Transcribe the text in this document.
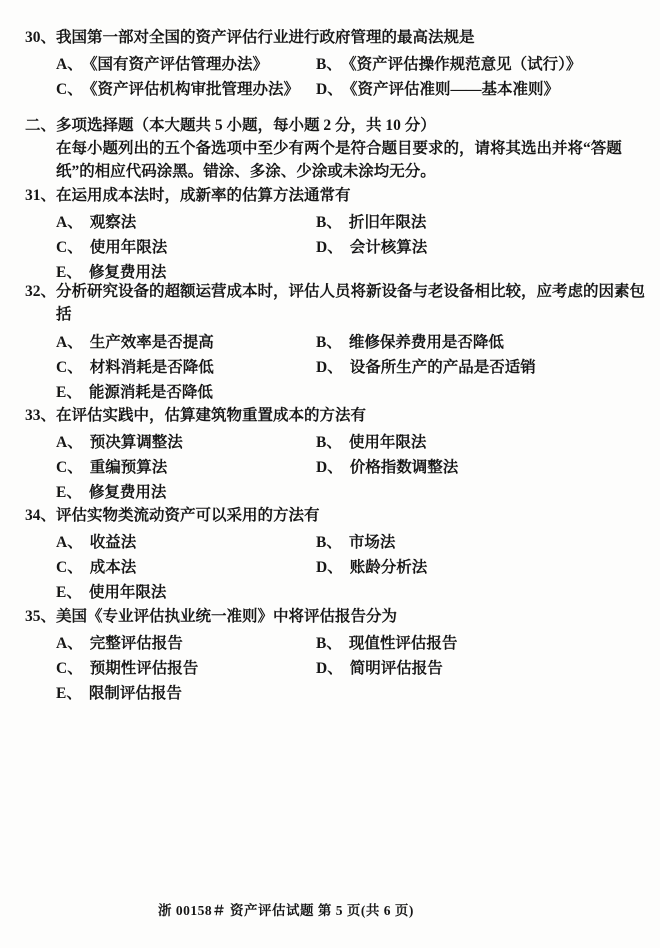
30、 我国第一部对全国的资产评估行业进行政府管理的最高法规是
A、 《国有资产评估管理办法》	B、 《资产评估操作规范意见（试行）》
C、 《资产评估机构审批管理办法》	D、 《资产评估准则——基本准则》
二、 多项选择题（本大题共 5 小题，每小题 2 分，共 10 分）
在每小题列出的五个备选项中至少有两个是符合题目要求的，请将其选出并将“答题
纸”的相应代码涂黑。错涂、多涂、少涂或未涂均无分。
31、 在运用成本法时，成新率的估算方法通常有
A、 观察法	B、 折旧年限法
C、 使用年限法	D、 会计核算法
E、 修复费用法
32、 分析研究设备的超额运营成本时，评估人员将新设备与老设备相比较，应考虑的因素包括
A、 生产效率是否提高	B、 维修保养费用是否降低
C、 材料消耗是否降低	D、 设备所生产的产品是否适销
E、 能源消耗是否降低
33、 在评估实践中，估算建筑物重置成本的方法有
A、 预决算调整法	B、 使用年限法
C、 重编预算法	D、 价格指数调整法
E、 修复费用法
34、 评估实物类流动资产可以采用的方法有
A、 收益法	B、 市场法
C、 成本法	D、 账龄分析法
E、 使用年限法
35、 美国《专业评估执业统一准则》中将评估报告分为
A、 完整评估报告	B、 现值性评估报告
C、 预期性评估报告	D、 简明评估报告
E、 限制评估报告
浙 00158＃ 资产评估试题 第 5 页(共 6 页)
